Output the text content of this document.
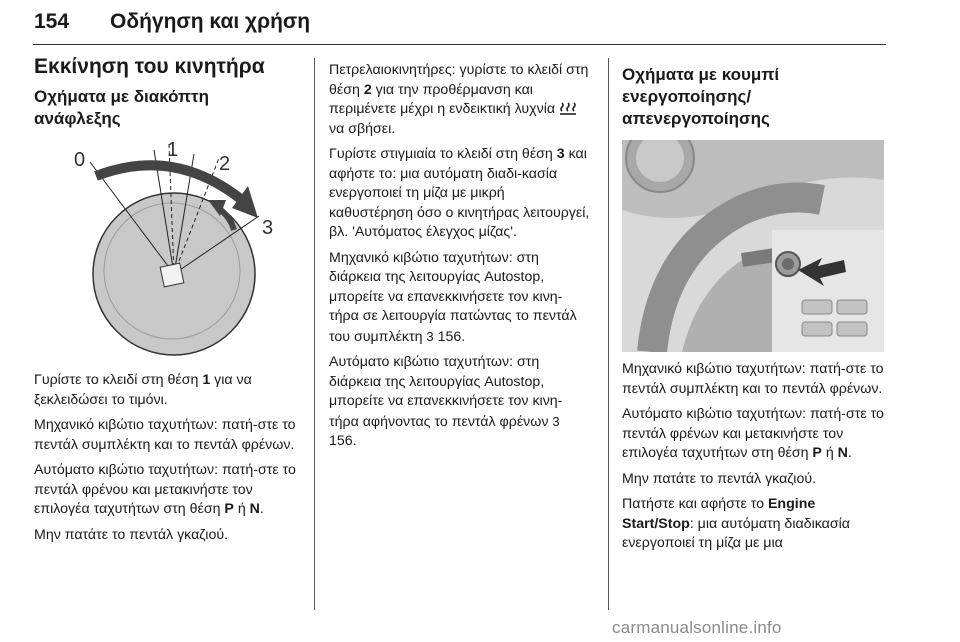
154 Οδήγηση και χρήση
Εκκίνηση του κινητήρα
Οχήματα με διακόπτη ανάφλεξης
0	1
2
3

Γυρίστε το κλειδί στη θέση 1 για να ξεκλειδώσει το τιμόνι.

Μηχανικό κιβώτιο ταχυτήτων: πατή-στε το πεντάλ συμπλέκτη και το πεντάλ φρένων.

Αυτόματο κιβώτιο ταχυτήτων: πατή-στε το πεντάλ φρένου και μετακινήστε τον επιλογέα ταχυτήτων στη θέση P ή N.

Μην πατάτε το πεντάλ γκαζιού.

Πετρελαιοκινητήρες: γυρίστε το κλειδί στη θέση 2 για την προθέρμανση και περιμένετε μέχρι η ενδεικτική λυχνία  να σβήσει.

Γυρίστε στιγμιαία το κλειδί στη θέση 3 και αφήστε το: μια αυτόματη διαδι-κασία ενεργοποιεί τη μίζα με μικρή καθυστέρηση όσο ο κινητήρας λειτουργεί, βλ. 'Αυτόματος έλεγχος μίζας'.

Μηχανικό κιβώτιο ταχυτήτων: στη διάρκεια της λειτουργίας Autostop, μπορείτε να επανεκκινήσετε τον κινη-τήρα σε λειτουργία πατώντας το πεντάλ του συμπλέκτη 3 156.

Αυτόματο κιβώτιο ταχυτήτων: στη διάρκεια της λειτουργίας Autostop, μπορείτε να επανεκκινήσετε τον κινη-τήρα αφήνοντας το πεντάλ φρένων 3 156.

Οχήματα με κουμπί ενεργοποίησης/ απενεργοποίησης

Μηχανικό κιβώτιο ταχυτήτων: πατή-στε το πεντάλ συμπλέκτη και το πεντάλ φρένων.

Αυτόματο κιβώτιο ταχυτήτων: πατή-στε το πεντάλ φρένων και μετακινήστε τον επιλογέα ταχυτήτων στη θέση P ή N.

Μην πατάτε το πεντάλ γκαζιού.

Πατήστε και αφήστε το Engine Start/Stop: μια αυτόματη διαδικασία ενεργοποιεί τη μίζα με μια

carmanualsonline.info
